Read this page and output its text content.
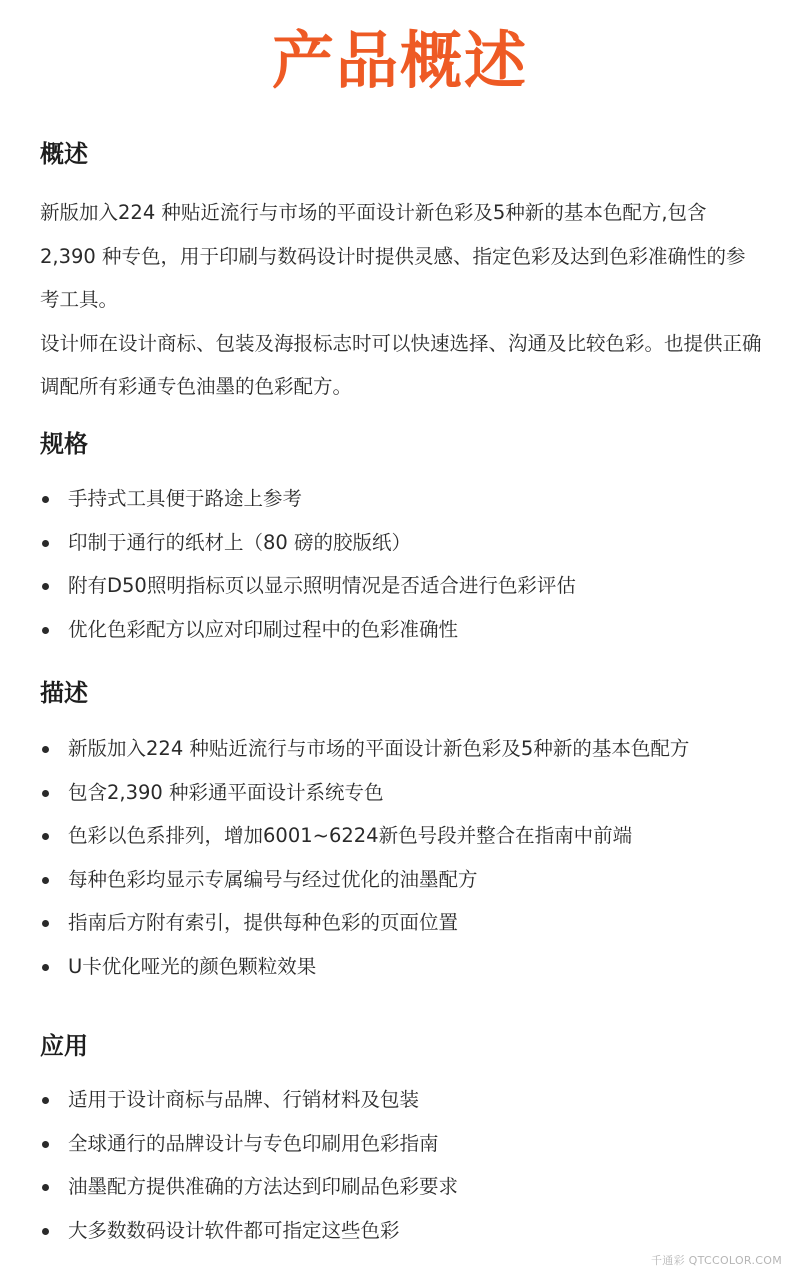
产品概述
概述

新版加入224 种贴近流行与市场的平面设计新色彩及5种新的基本色配方,包含 2,390 种专色，用于印刷与数码设计时提供灵感、指定色彩及达到色彩准确性的参考工具。

设计师在设计商标、包装及海报标志时可以快速选择、沟通及比较色彩。也提供正确调配所有彩通专色油墨的色彩配方。

规格
手持式工具便于路途上参考
印制于通行的纸材上（80 磅的胶版纸）
附有D50照明指标页以显示照明情况是否适合进行色彩评估
优化色彩配方以应对印刷过程中的色彩准确性
描述
新版加入224 种贴近流行与市场的平面设计新色彩及5种新的基本色配方
包含2,390 种彩通平面设计系统专色
色彩以色系排列，增加6001~6224新色号段并整合在指南中前端
每种色彩均显示专属编号与经过优化的油墨配方
指南后方附有索引，提供每种色彩的页面位置
U卡优化哑光的颜色颗粒效果
应用
适用于设计商标与品牌、行销材料及包装
全球通行的品牌设计与专色印刷用色彩指南
油墨配方提供准确的方法达到印刷品色彩要求
大多数数码设计软件都可指定这些色彩
千通彩 QTCCOLOR.COM
